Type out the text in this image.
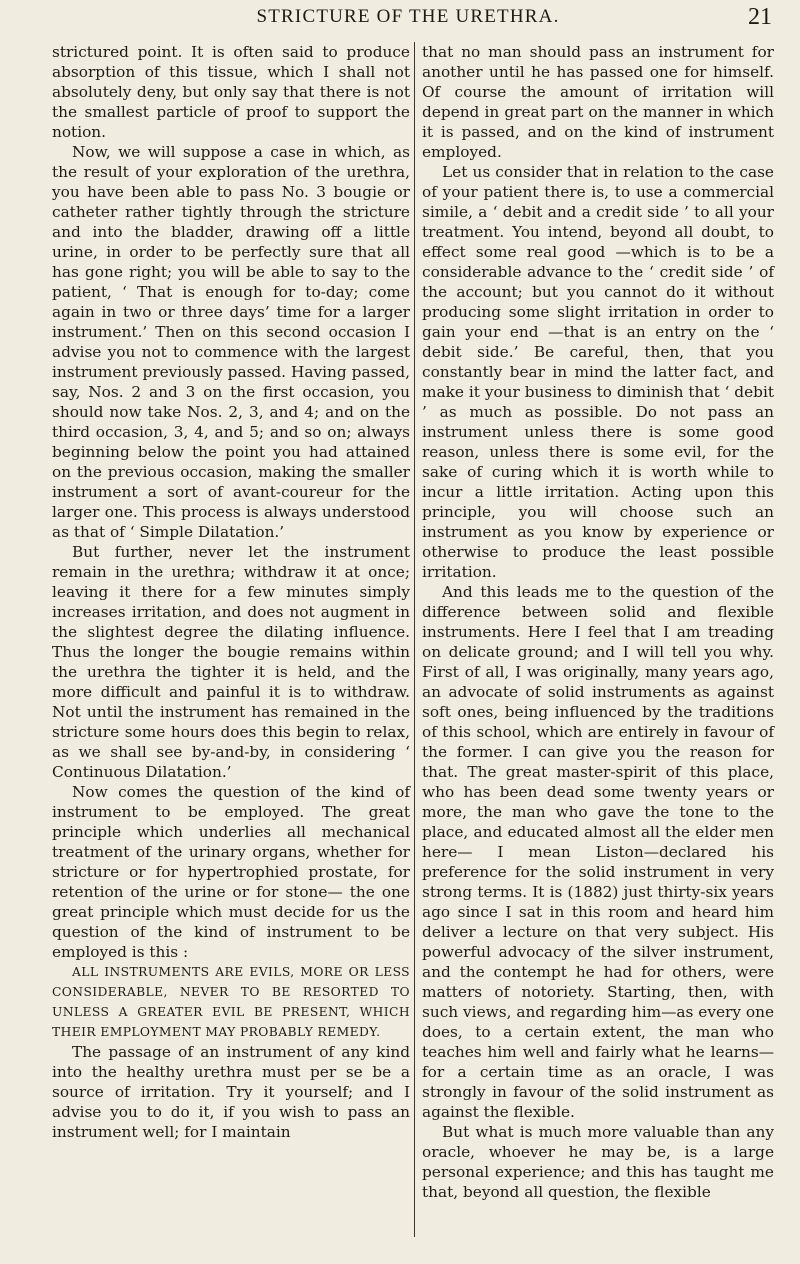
STRICTURE OF THE URETHRA.	21

strictured point. It is often said to produce absorption of this tissue, which I shall not absolutely deny, but only say that there is not the smallest particle of proof to support the notion.

Now, we will suppose a case in which, as the result of your exploration of the urethra, you have been able to pass No. 3 bougie or catheter rather tightly through the stricture and into the bladder, drawing off a little urine, in order to be perfectly sure that all has gone right; you will be able to say to the patient, ‘ That is enough for to-day; come again in two or three days’ time for a larger instrument.’ Then on this second occasion I advise you not to commence with the largest instrument previously passed. Having passed, say, Nos. 2 and 3 on the first occasion, you should now take Nos. 2, 3, and 4; and on the third occasion, 3, 4, and 5; and so on; always beginning below the point you had attained on the previous occasion, making the smaller instrument a sort of avant-coureur for the larger one. This process is always understood as that of ‘ Simple Dilatation.’

But further, never let the instrument remain in the urethra; withdraw it at once; leaving it there for a few minutes simply increases irritation, and does not augment in the slightest degree the dilating influence. Thus the longer the bougie remains within the urethra the tighter it is held, and the more difficult and painful it is to withdraw. Not until the instrument has remained in the stricture some hours does this begin to relax, as we shall see by-and-by, in considering ‘ Continuous Dilatation.’

Now comes the question of the kind of instrument to be employed. The great principle which underlies all mechanical treatment of the urinary organs, whether for stricture or for hypertrophied prostate, for retention of the urine or for stone— the one great principle which must decide for us the question of the kind of instrument to be employed is this :

ALL INSTRUMENTS ARE EVILS, MORE OR LESS CONSIDERABLE, NEVER TO BE RESORTED TO UNLESS A GREATER EVIL BE PRESENT, WHICH THEIR EMPLOYMENT MAY PROBABLY REMEDY.

The passage of an instrument of any kind into the healthy urethra must per se be a source of irritation. Try it yourself; and I advise you to do it, if you wish to pass an instrument well; for I maintain

that no man should pass an instrument for another until he has passed one for himself. Of course the amount of irritation will depend in great part on the manner in which it is passed, and on the kind of instrument employed.

Let us consider that in relation to the case of your patient there is, to use a commercial simile, a ‘ debit and a credit side ’ to all your treatment. You intend, beyond all doubt, to effect some real good —which is to be a considerable advance to the ‘ credit side ’ of the account; but you cannot do it without producing some slight irritation in order to gain your end —that is an entry on the ‘ debit side.’ Be careful, then, that you constantly bear in mind the latter fact, and make it your business to diminish that ‘ debit ’ as much as possible. Do not pass an instrument unless there is some good reason, unless there is some evil, for the sake of curing which it is worth while to incur a little irritation. Acting upon this principle, you will choose such an instrument as you know by experience or otherwise to produce the least possible irritation.

And this leads me to the question of the difference between solid and flexible instruments. Here I feel that I am treading on delicate ground; and I will tell you why. First of all, I was originally, many years ago, an advocate of solid instruments as against soft ones, being influenced by the traditions of this school, which are entirely in favour of the former. I can give you the reason for that. The great master-spirit of this place, who has been dead some twenty years or more, the man who gave the tone to the place, and educated almost all the elder men here— I mean Liston—declared his preference for the solid instrument in very strong terms. It is (1882) just thirty-six years ago since I sat in this room and heard him deliver a lecture on that very subject. His powerful advocacy of the silver instrument, and the contempt he had for others, were matters of notoriety. Starting, then, with such views, and regarding him—as every one does, to a certain extent, the man who teaches him well and fairly what he learns—for a certain time as an oracle, I was strongly in favour of the solid instrument as against the flexible.

But what is much more valuable than any oracle, whoever he may be, is a large personal experience; and this has taught me that, beyond all question, the flexible
